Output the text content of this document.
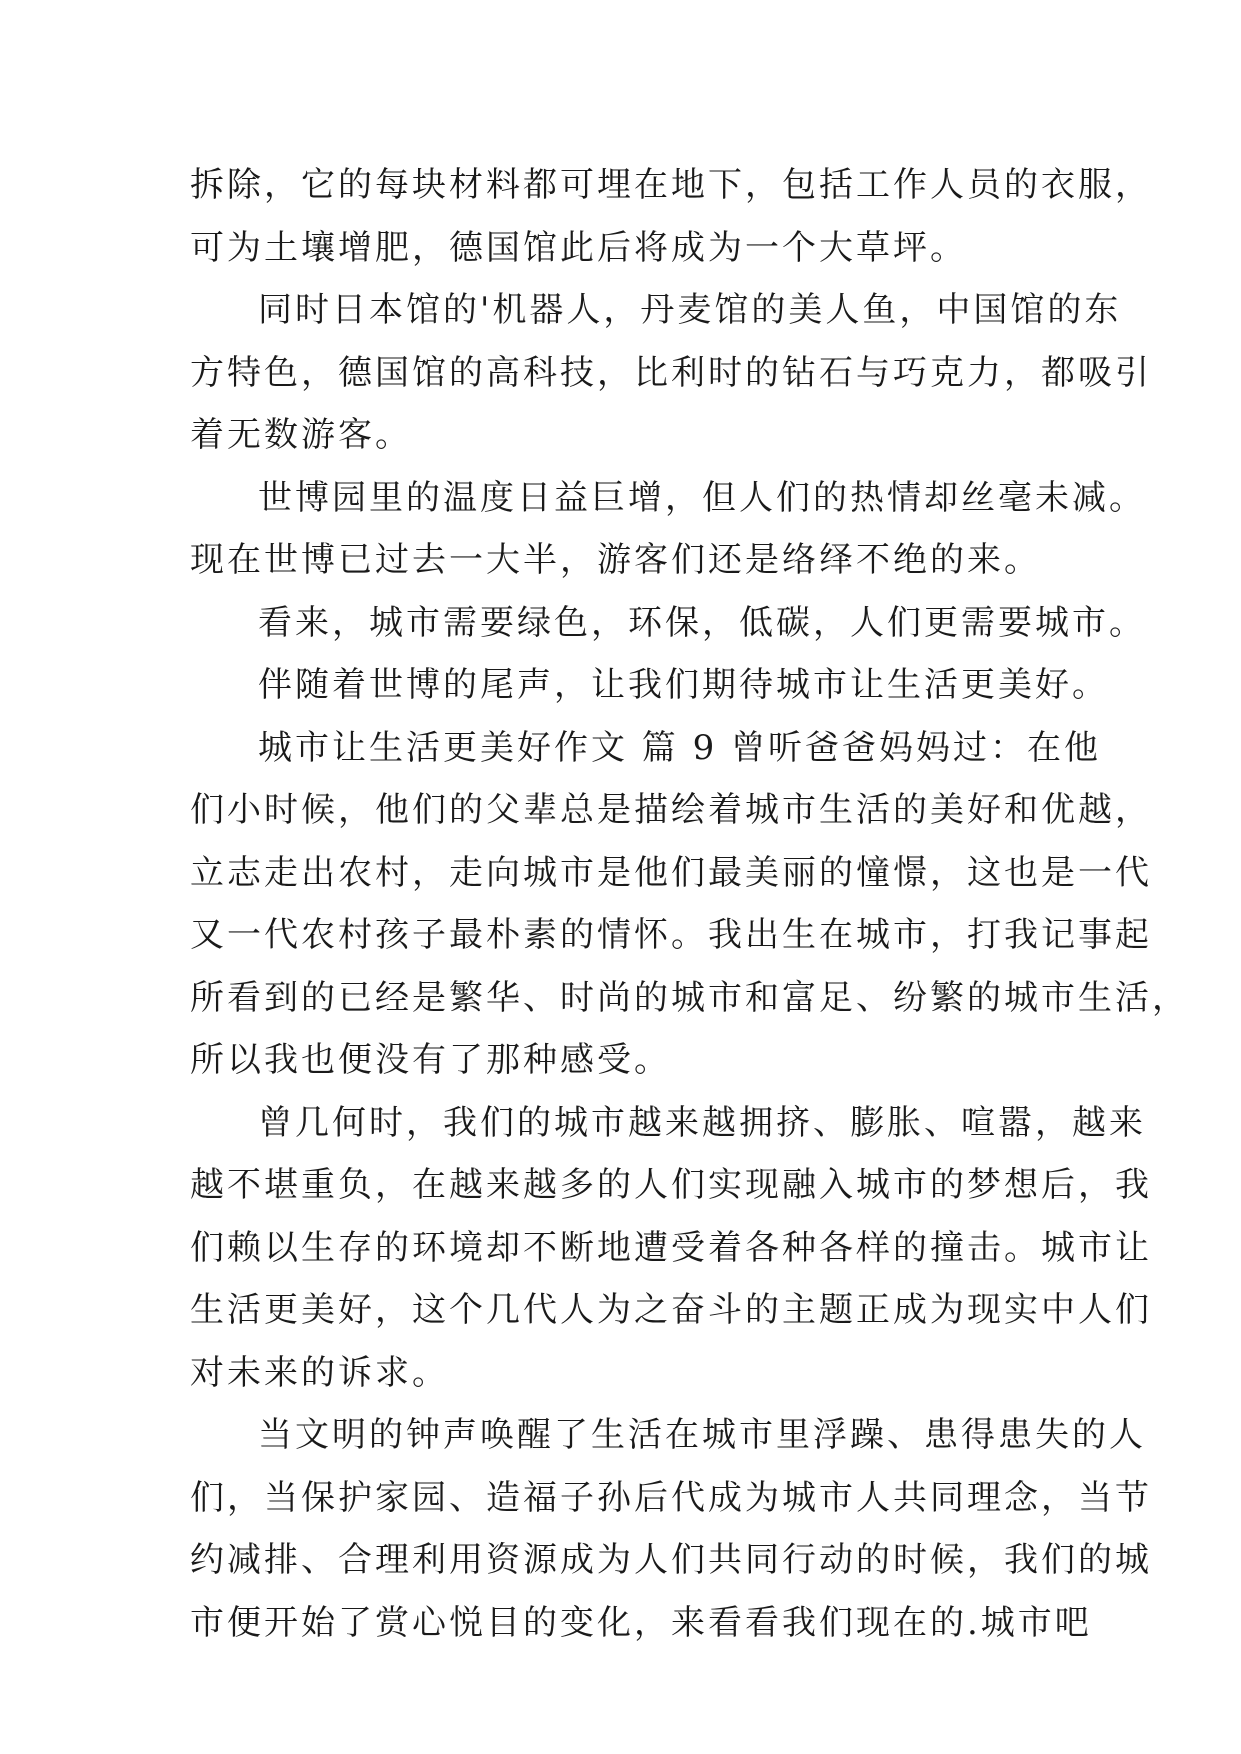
拆除，它的每块材料都可埋在地下，包括工作人员的衣服，
可为土壤增肥，德国馆此后将成为一个大草坪。
同时日本馆的'机器人，丹麦馆的美人鱼，中国馆的东
方特色，德国馆的高科技，比利时的钻石与巧克力，都吸引
着无数游客。
世博园里的温度日益巨增，但人们的热情却丝毫未减。
现在世博已过去一大半，游客们还是络绎不绝的来。
看来，城市需要绿色，环保，低碳，人们更需要城市。
伴随着世博的尾声，让我们期待城市让生活更美好。
城市让生活更美好作文 篇 9 曾听爸爸妈妈过：在他
们小时候，他们的父辈总是描绘着城市生活的美好和优越，
立志走出农村，走向城市是他们最美丽的憧憬，这也是一代
又一代农村孩子最朴素的情怀。我出生在城市，打我记事起
所看到的已经是繁华、时尚的城市和富足、纷繁的城市生活，
所以我也便没有了那种感受。
曾几何时，我们的城市越来越拥挤、膨胀、喧嚣，越来
越不堪重负，在越来越多的人们实现融入城市的梦想后，我
们赖以生存的环境却不断地遭受着各种各样的撞击。城市让
生活更美好，这个几代人为之奋斗的主题正成为现实中人们
对未来的诉求。
当文明的钟声唤醒了生活在城市里浮躁、患得患失的人
们，当保护家园、造福子孙后代成为城市人共同理念，当节
约减排、合理利用资源成为人们共同行动的时候，我们的城
市便开始了赏心悦目的变化，来看看我们现在的.城市吧
